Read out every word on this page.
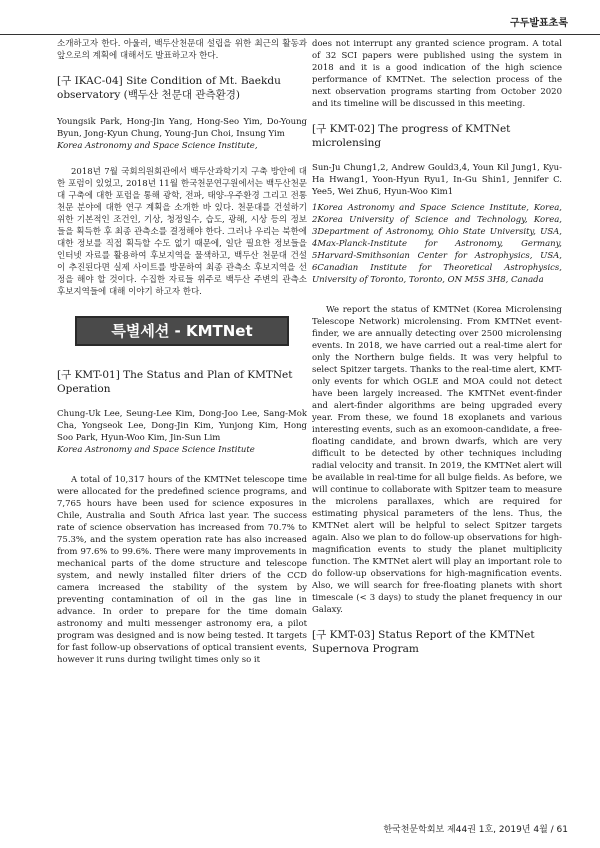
구두발표초록

소개하고자 한다. 아울러, 백두산천문대 설립을 위한 최근의 활동과 앞으로의 계획에 대해서도 발표하고자 한다.

[구 IKAC-04] Site Condition of Mt. Baekdu observatory (백두산 천문대 관측환경)

Youngsik Park, Hong-Jin Yang, Hong-Seo Yim, Do-Young Byun, Jong-Kyun Chung, Young-Jun Choi, Insung Yim

Korea Astronomy and Space Science Institute,

2018년 7월 국회의원회관에서 백두산과학기지 구축 방안에 대한 포럼이 있었고, 2018년 11월 한국천문연구원에서는 백두산천문대 구축에 대한 포럼을 통해 광학, 전파, 태양-우주환경 그리고 전통천문 분야에 대한 연구 계획을 소개한 바 있다. 천문대를 건설하기 위한 기본적인 조건인, 기상, 청정일수, 습도, 광해, 시상 등의 정보들을 획득한 후 최종 관측소를 결정해야 한다. 그러나 우리는 북한에 대한 정보를 직접 획득할 수도 없기 때문에, 일단 필요한 정보들을 인터넷 자료를 활용하여 후보지역을 물색하고, 백두산 천문대 건설이 추진된다면 실제 사이트를 방문하여 최종 관측소 후보지역을 선정을 해야 할 것이다. 수집한 자료들 위주로 백두산 주변의 관측소 후보지역들에 대해 이야기 하고자 한다.

특별세션 - KMTNet
[구 KMT-01] The Status and Plan of KMTNet Operation

Chung-Uk Lee, Seung-Lee Kim, Dong-Joo Lee, Sang-Mok Cha, Yongseok Lee, Dong-Jin Kim, Yunjong Kim, Hong Soo Park, Hyun-Woo Kim, Jin-Sun Lim

Korea Astronomy and Space Science Institute

A total of 10,317 hours of the KMTNet telescope time were allocated for the predefined science programs, and 7,765 hours have been used for science exposures in Chile, Australia and South Africa last year. The success rate of science observation has increased from 70.7% to 75.3%, and the system operation rate has also increased from 97.6% to 99.6%. There were many improvements in mechanical parts of the dome structure and telescope system, and newly installed filter driers of the CCD camera increased the stability of the system by preventing contamination of oil in the gas line in advance. In order to prepare for the time domain astronomy and multi messenger astronomy era, a pilot program was designed and is now being tested. It targets for fast follow-up observations of optical transient events, however it runs during twilight times only so it

does not interrupt any granted science program. A total of 32 SCI papers were published using the system in 2018 and it is a good indication of the high science performance of KMTNet. The selection process of the next observation programs starting from October 2020 and its timeline will be discussed in this meeting.

[구 KMT-02] The progress of KMTNet microlensing

Sun-Ju Chung1,2, Andrew Gould3,4, Youn Kil Jung1, Kyu-Ha Hwang1, Yoon-Hyun Ryu1, In-Gu Shin1, Jennifer C. Yee5, Wei Zhu6, Hyun-Woo Kim1

1Korea Astronomy and Space Science Institute, Korea, 2Korea University of Science and Technology, Korea, 3Department of Astronomy, Ohio State University, USA, 4Max-Planck-Institute for Astronomy, Germany, 5Harvard-Smithsonian Center for Astrophysics, USA, 6Canadian Institute for Theoretical Astrophysics, University of Toronto, Toronto, ON M5S 3H8, Canada

We report the status of KMTNet (Korea Microlensing Telescope Network) microlensing. From KMTNet event-finder, we are annually detecting over 2500 microlensing events. In 2018, we have carried out a real-time alert for only the Northern bulge fields. It was very helpful to select Spitzer targets. Thanks to the real-time alert, KMT-only events for which OGLE and MOA could not detect have been largely increased. The KMTNet event-finder and alert-finder algorithms are being upgraded every year. From these, we found 18 exoplanets and various interesting events, such as an exomoon-candidate, a free-floating candidate, and brown dwarfs, which are very difficult to be detected by other techniques including radial velocity and transit. In 2019, the KMTNet alert will be available in real-time for all bulge fields. As before, we will continue to collaborate with Spitzer team to measure the microlens parallaxes, which are required for estimating physical parameters of the lens. Thus, the KMTNet alert will be helpful to select Spitzer targets again. Also we plan to do follow-up observations for high-magnification events to study the planet multiplicity function. The KMTNet alert will play an important role to do follow-up observations for high-magnification events. Also, we will search for free-floating planets with short timescale (< 3 days) to study the planet frequency in our Galaxy.

[구 KMT-03] Status Report of the KMTNet Supernova Program
한국천문학회보 제44권 1호, 2019년 4월 / 61
